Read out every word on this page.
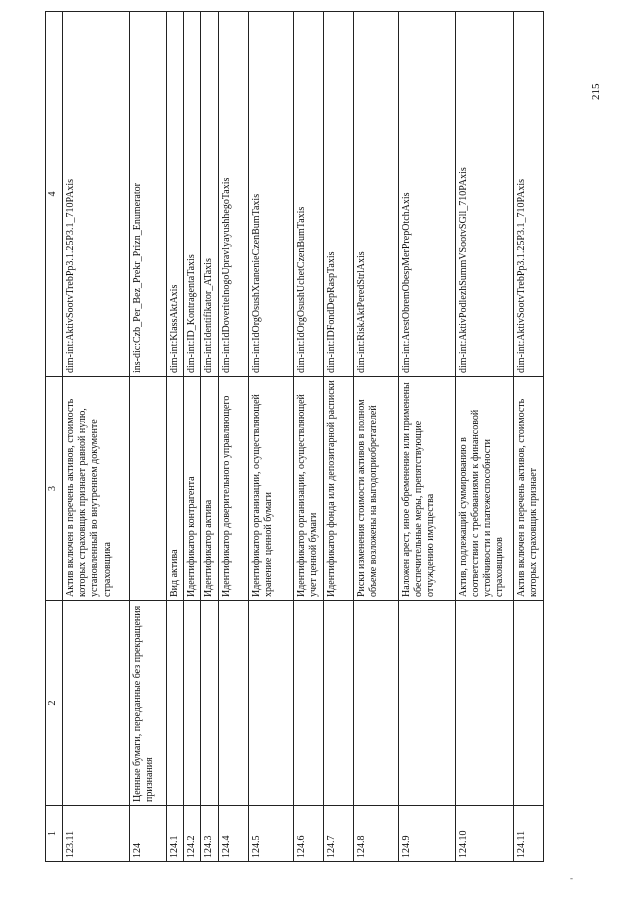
1	2	3	4
123.11		Актив включен в перечень активов, стоимость которых страховщик признает равной нулю, установленный во внутреннем документе страховщика	dim-int:AktivSootvTrebPp3.1.25P3.1_710PAxis
124	Ценные бумаги, переданные без прекращения признания		ins-dic:Czb_Per_Bez_Prekr_Prizn_Enumerator
124.1		Вид актива	dim-int:KlassAktAxis
124.2		Идентификатор контрагента	dim-int:ID_KontragentaTaxis
124.3		Идентификатор актива	dim-int:Identifikator_ATaxis
124.4		Идентификатор доверительного управляющего	dim-int:IdDoveritelnogoUpravlyayushhegoTaxis
124.5		Идентификатор организации, осуществляющей хранение ценной бумаги	dim-int:IdOrgOsushXranenieCzenBumTaxis
124.6		Идентификатор организации, осуществляющей учет ценной бумаги	dim-int:IdOrgOsushUchetCzenBumTaxis
124.7		Идентификатор фонда или депозитарной расписки	dim-int:IDFondDepRaspTaxis
124.8		Риски изменения стоимости активов в полном объеме возложены на выгодоприобретателей	dim-int:RiskAktPeredStrlAxis
124.9		Наложен арест, иное обременение или применены обеспечительные меры, препятствующие отчуждению имущества	dim-int:ArestObremObespMerPrepOtchAxis
124.10		Актив, подлежащий суммированию в соответствии с требованиями к финансовой устойчивости и платежеспособности страховщиков	dim-int:AktivPodlezhSummVSootvSGll_710PAxis
124.11		Актив включен в перечень активов, стоимость которых страховщик признает	dim-int:AktivSootvTrebPp3.1.25P3.1_710PAxis
215
-
